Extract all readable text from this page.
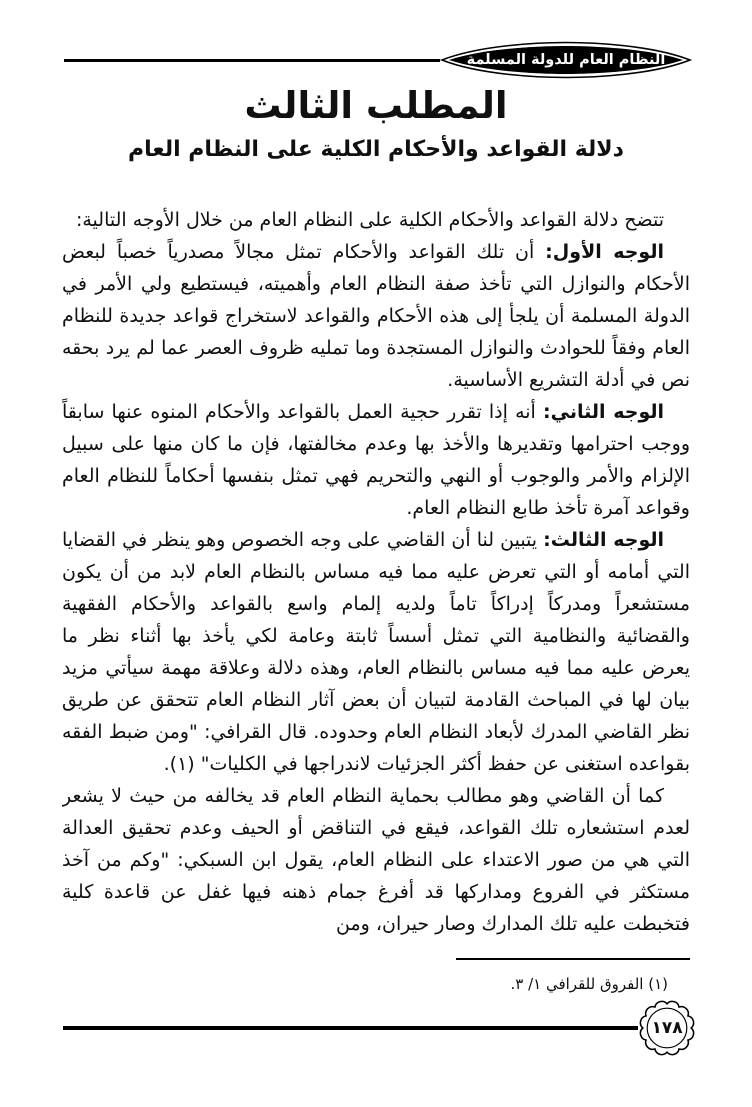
النظام العام للدولة المسلمة
المطلب الثالث
دلالة القواعد والأحكام الكلية على النظام العام

تتضح دلالة القواعد والأحكام الكلية على النظام العام من خلال الأوجه التالية:

الوجه الأول: أن تلك القواعد والأحكام تمثل مجالاً مصدرياً خصباً لبعض الأحكام والنوازل التي تأخذ صفة النظام العام وأهميته، فيستطيع ولي الأمر في الدولة المسلمة أن يلجأ إلى هذه الأحكام والقواعد لاستخراج قواعد جديدة للنظام العام وفقاً للحوادث والنوازل المستجدة وما تمليه ظروف العصر عما لم يرد بحقه نص في أدلة التشريع الأساسية.

الوجه الثاني: أنه إذا تقرر حجية العمل بالقواعد والأحكام المنوه عنها سابقاً ووجب احترامها وتقديرها والأخذ بها وعدم مخالفتها، فإن ما كان منها على سبيل الإلزام والأمر والوجوب أو النهي والتحريم فهي تمثل بنفسها أحكاماً للنظام العام وقواعد آمرة تأخذ طابع النظام العام.

الوجه الثالث: يتبين لنا أن القاضي على وجه الخصوص وهو ينظر في القضايا التي أمامه أو التي تعرض عليه مما فيه مساس بالنظام العام لابد من أن يكون مستشعراً ومدركاً إدراكاً تاماً ولديه إلمام واسع بالقواعد والأحكام الفقهية والقضائية والنظامية التي تمثل أسساً ثابتة وعامة لكي يأخذ بها أثناء نظر ما يعرض عليه مما فيه مساس بالنظام العام، وهذه دلالة وعلاقة مهمة سيأتي مزيد بيان لها في المباحث القادمة لتبيان أن بعض آثار النظام العام تتحقق عن طريق نظر القاضي المدرك لأبعاد النظام العام وحدوده. قال القرافي: "ومن ضبط الفقه بقواعده استغنى عن حفظ أكثر الجزئيات لاندراجها في الكليات" (١).

كما أن القاضي وهو مطالب بحماية النظام العام قد يخالفه من حيث لا يشعر لعدم استشعاره تلك القواعد، فيقع في التناقض أو الحيف وعدم تحقيق العدالة التي هي من صور الاعتداء على النظام العام، يقول ابن السبكي: "وكم من آخذ مستكثر في الفروع ومداركها قد أفرغ جمام ذهنه فيها غفل عن قاعدة كلية فتخبطت عليه تلك المدارك وصار حيران، ومن

(١) الفروق للقرافي ١/ ٣.
١٧٨
